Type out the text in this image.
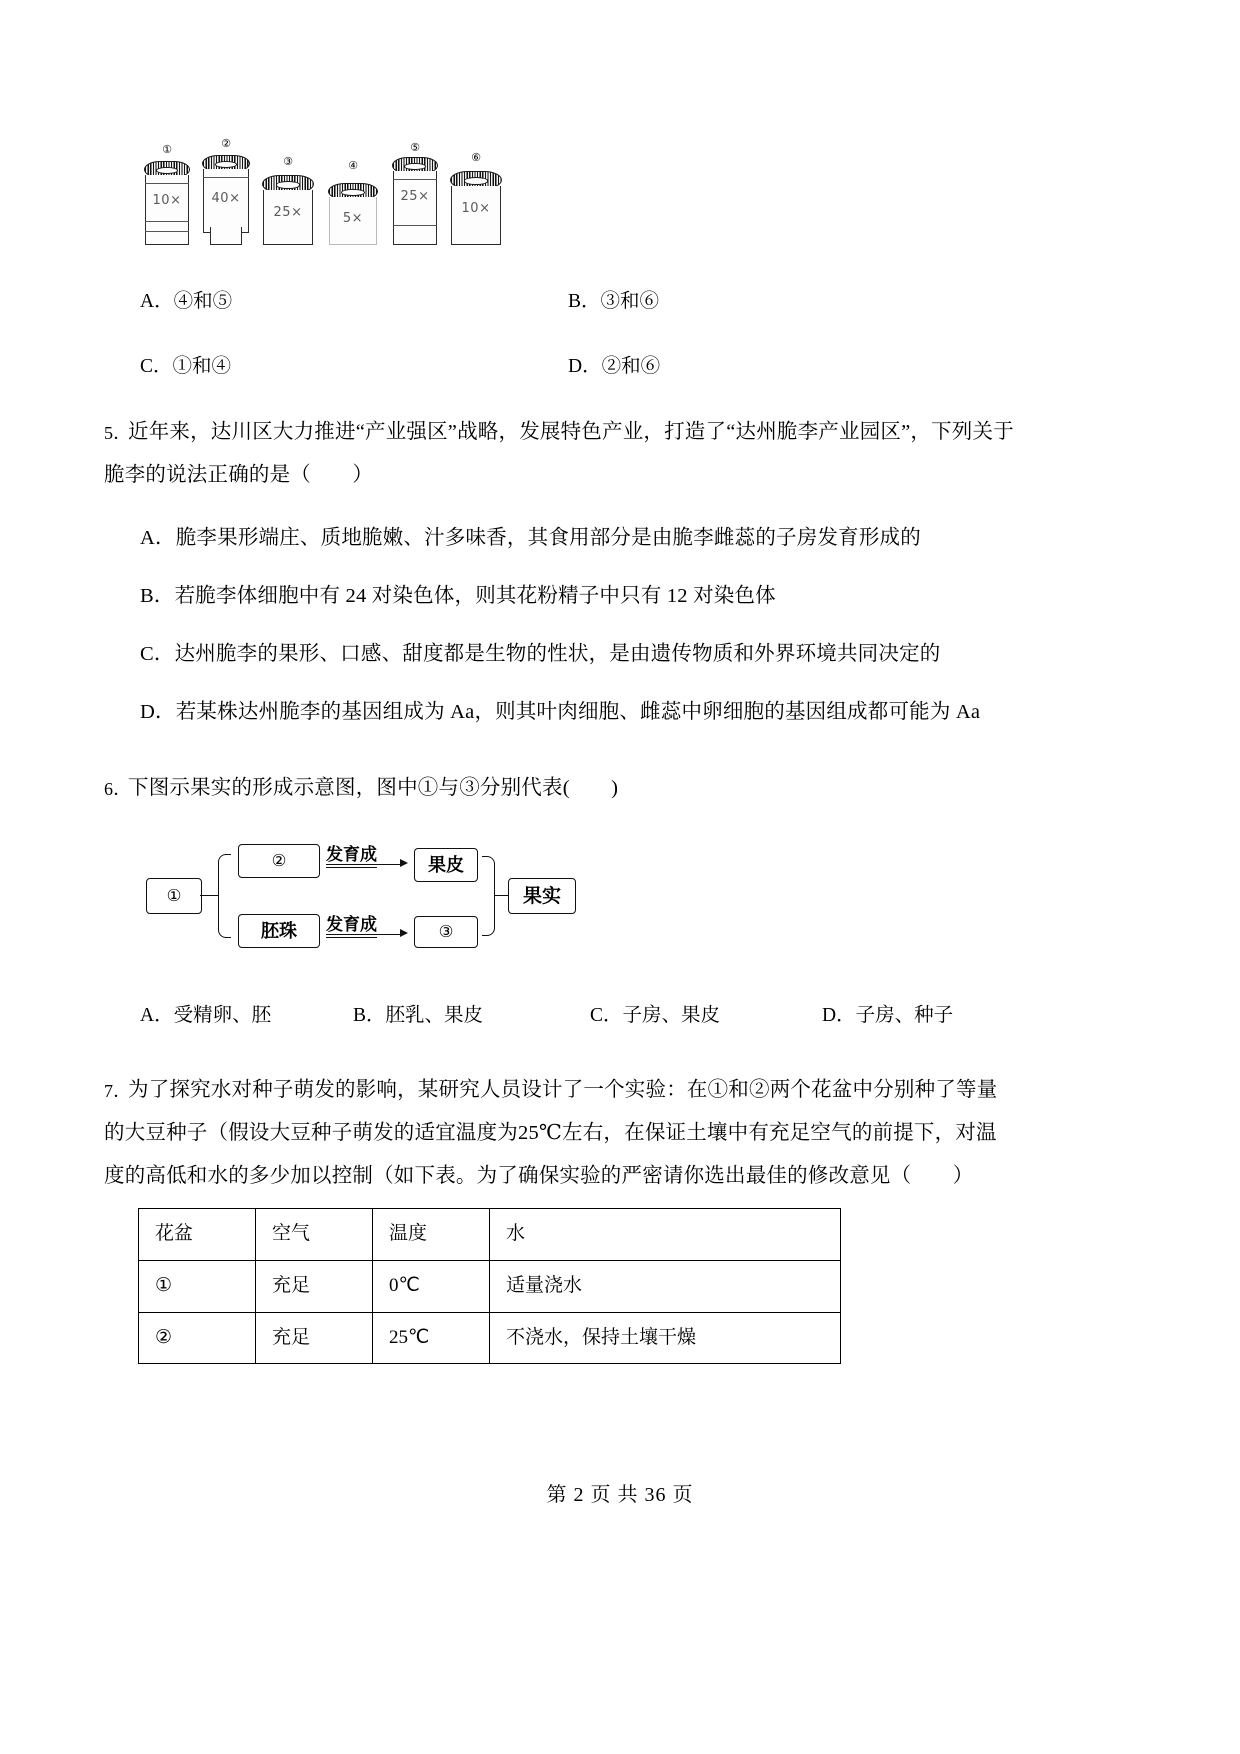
①
10×
②
40×
③
25×
④
5×
⑤
25×
⑥
10×
A．④和⑤	B．③和⑥
C．①和④	D．②和⑥
5．
近年来，达川区大力推进“产业强区”战略，发展特色产业，打造了“达州脆李产业园区”，下列关于
脆李的说法正确的是（　　）
A．脆李果形端庄、质地脆嫩、汁多味香，其食用部分是由脆李雌蕊的子房发育形成的
B．若脆李体细胞中有 24 对染色体，则其花粉精子中只有 12 对染色体
C．达州脆李的果形、口感、甜度都是生物的性状，是由遗传物质和外界环境共同决定的
D．若某株达州脆李的基因组成为 Aa，则其叶肉细胞、雌蕊中卵细胞的基因组成都可能为 Aa
6．
下图示果实的形成示意图，图中①与③分别代表(　　)
①
②
胚珠
发育成
发育成
果皮
③
果实
A．受精卵、胚	B．胚乳、果皮	C．子房、果皮	D．子房、种子
7．
为了探究水对种子萌发的影响，某研究人员设计了一个实验：在①和②两个花盆中分别种了等量
的大豆种子（假设大豆种子萌发的适宜温度为25℃左右，在保证土壤中有充足空气的前提下，对温
度的高低和水的多少加以控制（如下表。为了确保实验的严密请你选出最佳的修改意见（　　）
花盆	空气	温度	水
①	充足	0℃	适量浇水
②	充足	25℃	不浇水，保持土壤干燥
第 2 页 共 36 页
